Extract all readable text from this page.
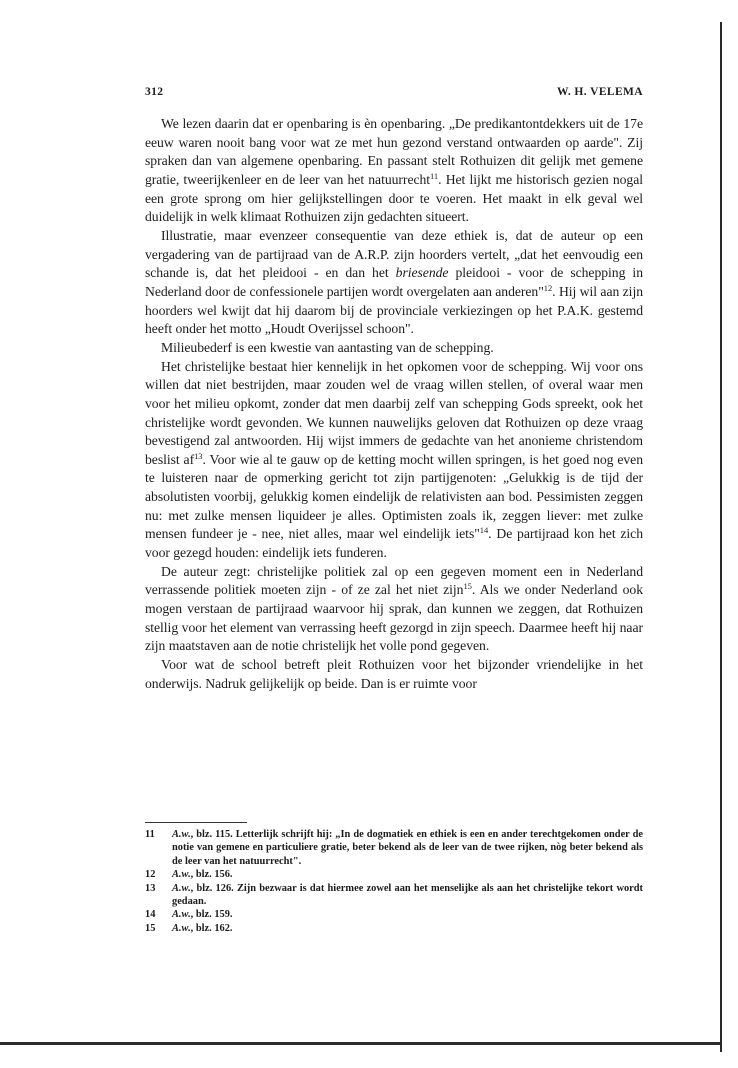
312	W. H. VELEMA

We lezen daarin dat er openbaring is èn openbaring. „De predikantontdekkers uit de 17e eeuw waren nooit bang voor wat ze met hun gezond verstand ontwaarden op aarde". Zij spraken dan van algemene openbaring. En passant stelt Rothuizen dit gelijk met gemene gratie, tweerijkenleer en de leer van het natuurrecht$^{11}$. Het lijkt me historisch gezien nogal een grote sprong om hier gelijkstellingen door te voeren. Het maakt in elk geval wel duidelijk in welk klimaat Rothuizen zijn gedachten situeert.

Illustratie, maar evenzeer consequentie van deze ethiek is, dat de auteur op een vergadering van de partijraad van de A.R.P. zijn hoorders vertelt, „dat het eenvoudig een schande is, dat het pleidooi - en dan het briesende pleidooi - voor de schepping in Nederland door de confessionele partijen wordt overgelaten aan anderen"$^{12}$. Hij wil aan zijn hoorders wel kwijt dat hij daarom bij de provinciale verkiezingen op het P.A.K. gestemd heeft onder het motto „Houdt Overijssel schoon".

Milieubederf is een kwestie van aantasting van de schepping.

Het christelijke bestaat hier kennelijk in het opkomen voor de schepping. Wij voor ons willen dat niet bestrijden, maar zouden wel de vraag willen stellen, of overal waar men voor het milieu opkomt, zonder dat men daarbij zelf van schepping Gods spreekt, ook het christelijke wordt gevonden. We kunnen nauwelijks geloven dat Rothuizen op deze vraag bevestigend zal antwoorden. Hij wijst immers de gedachte van het anonieme christendom beslist $af^{13}$. Voor wie al te gauw op de ketting mocht willen springen, is het goed nog even te luisteren naar de opmerking gericht tot zijn partijgenoten: „Gelukkig is de tijd der absolutisten voorbij, gelukkig komen eindelijk de relativisten aan bod. Pessimisten zeggen nu: met zulke mensen liquideer je alles. Optimisten zoals ik, zeggen liever: met zulke mensen fundeer je - nee, niet alles, maar wel eindelijk iets"$^{14}$. De partijraad kon het zich voor gezegd houden: eindelijk iets funderen.

De auteur zegt: christelijke politiek zal op een gegeven moment een in Nederland verrassende politiek moeten zijn - of ze zal het niet zijn$^{15}$. Als we onder Nederland ook mogen verstaan de partijraad waarvoor hij sprak, dan kunnen we zeggen, dat Rothuizen stellig voor het element van verrassing heeft gezorgd in zijn speech. Daarmee heeft hij naar zijn maatstaven aan de notie christelijk het volle pond gegeven.

Voor wat de school betreft pleit Rothuizen voor het bijzonder vriendelijke in het onderwijs. Nadruk gelijkelijk op beide. Dan is er ruimte voor

11	A.w., blz. 115. Letterlijk schrijft hij: „In de dogmatiek en ethiek is een en ander terechtgekomen onder de notie van gemene en particuliere gratie, beter bekend als de leer van de twee rijken, nòg beter bekend als de leer van het natuurrecht".
12	A.w., blz. 156.
13	A.w., blz. 126. Zijn bezwaar is dat hiermee zowel aan het menselijke als aan het christelijke tekort wordt gedaan.
14	A.w., blz. 159.
15	A.w., blz. 162.
